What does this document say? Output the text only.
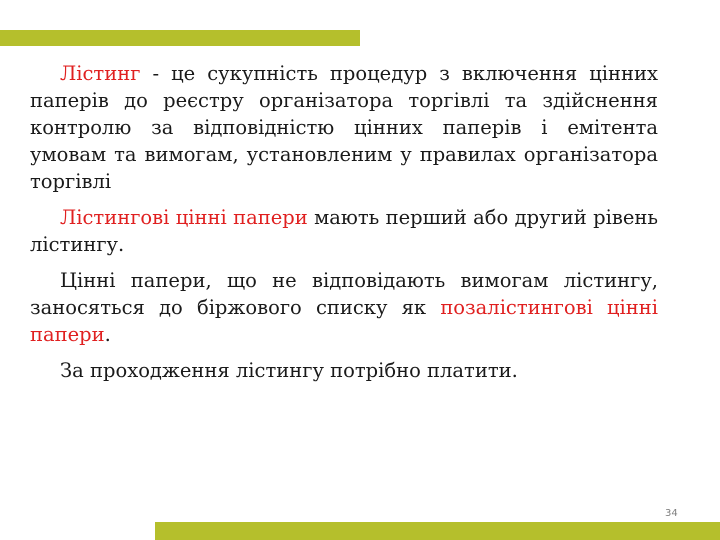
Лістинг - це сукупність процедур з включення цінних паперів до реєстру організатора торгівлі та здійснення контролю за відповідністю цінних паперів і емітента умовам та вимогам, установленим у правилах організатора торгівлі

Лістингові цінні папери мають перший або другий рівень лістингу.

Цінні папери, що не відповідають вимогам лістингу, заносяться до біржового списку як позалістингові цінні папери.

За проходження лістингу потрібно платити.

34
